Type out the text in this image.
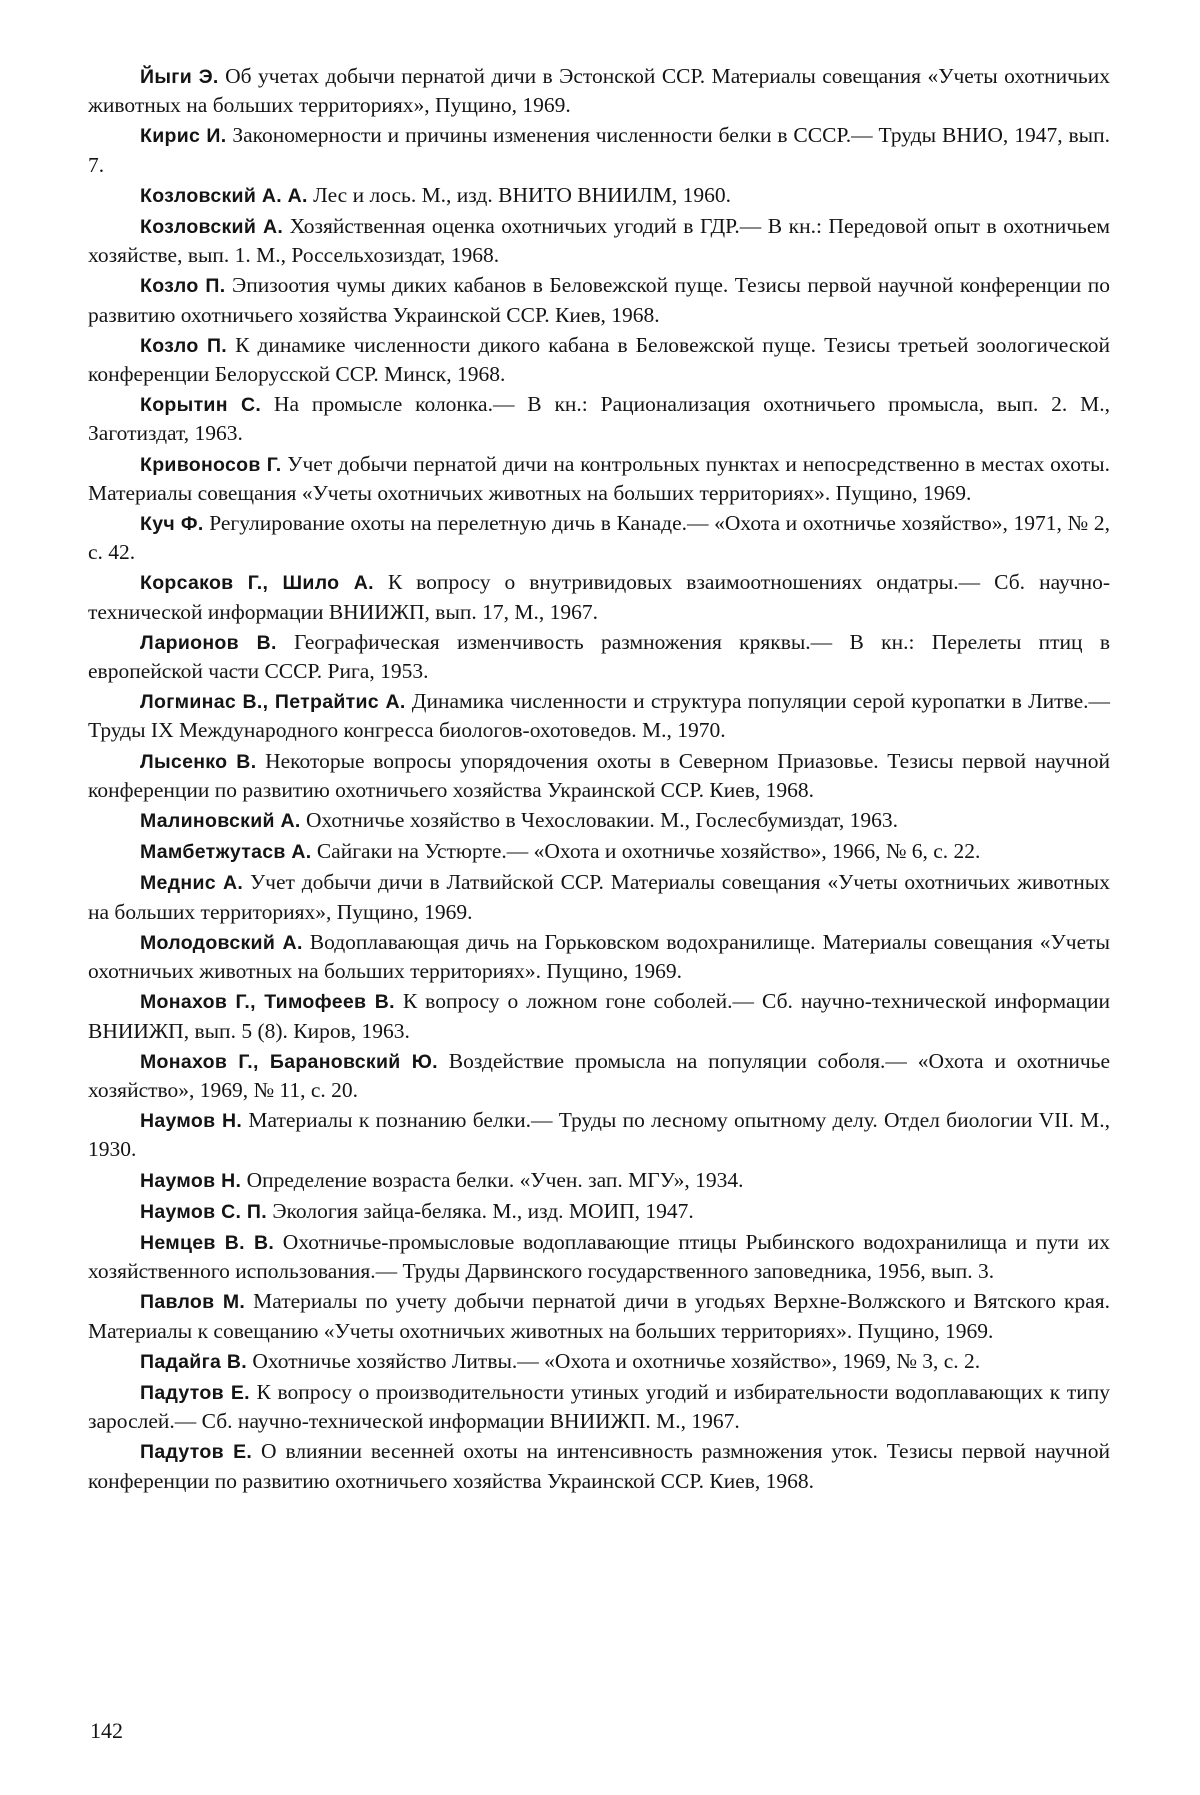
Йыги Э. Об учетах добычи пернатой дичи в Эстонской ССР. Материалы совещания «Учеты охотничьих животных на больших территориях», Пущино, 1969.

Кирис И. Закономерности и причины изменения численности белки в СССР.— Труды ВНИО, 1947, вып. 7.

Козловский А. А. Лес и лось. М., изд. ВНИТО ВНИИЛМ, 1960.

Козловский А. Хозяйственная оценка охотничьих угодий в ГДР.— В кн.: Передовой опыт в охотничьем хозяйстве, вып. 1. М., Россельхозиздат, 1968.

Козло П. Эпизоотия чумы диких кабанов в Беловежской пуще. Тезисы первой научной конференции по развитию охотничьего хозяйства Украинской ССР. Киев, 1968.

Козло П. К динамике численности дикого кабана в Беловежской пуще. Тезисы третьей зоологической конференции Белорусской ССР. Минск, 1968.

Корытин С. На промысле колонка.— В кн.: Рационализация охотничьего промысла, вып. 2. М., Заготиздат, 1963.

Кривоносов Г. Учет добычи пернатой дичи на контрольных пунктах и непосредственно в местах охоты. Материалы совещания «Учеты охотничьих животных на больших территориях». Пущино, 1969.

Куч Ф. Регулирование охоты на перелетную дичь в Канаде.— «Охота и охотничье хозяйство», 1971, № 2, с. 42.

Корсаков Г., Шило А. К вопросу о внутривидовых взаимоотношениях ондатры.— Сб. научно-технической информации ВНИИЖП, вып. 17, М., 1967.

Ларионов В. Географическая изменчивость размножения кряквы.— В кн.: Перелеты птиц в европейской части СССР. Рига, 1953.

Логминас В., Петрайтис А. Динамика численности и структура популяции серой куропатки в Литве.— Труды IX Международного конгресса биологов-охотоведов. М., 1970.

Лысенко В. Некоторые вопросы упорядочения охоты в Северном Приазовье. Тезисы первой научной конференции по развитию охотничьего хозяйства Украинской ССР. Киев, 1968.

Малиновский А. Охотничье хозяйство в Чехословакии. М., Гослесбумиздат, 1963.

Мамбетжутасв А. Сайгаки на Устюрте.— «Охота и охотничье хозяйство», 1966, № 6, с. 22.

Меднис А. Учет добычи дичи в Латвийской ССР. Материалы совещания «Учеты охотничьих животных на больших территориях», Пущино, 1969.

Молодовский А. Водоплавающая дичь на Горьковском водохранилище. Материалы совещания «Учеты охотничьих животных на больших территориях». Пущино, 1969.

Монахов Г., Тимофеев В. К вопросу о ложном гоне соболей.— Сб. научно-технической информации ВНИИЖП, вып. 5 (8). Киров, 1963.

Монахов Г., Барановский Ю. Воздействие промысла на популяции соболя.— «Охота и охотничье хозяйство», 1969, № 11, с. 20.

Наумов Н. Материалы к познанию белки.— Труды по лесному опытному делу. Отдел биологии VII. М., 1930.

Наумов Н. Определение возраста белки. «Учен. зап. МГУ», 1934.

Наумов С. П. Экология зайца-беляка. М., изд. МОИП, 1947.

Немцев В. В. Охотничье-промысловые водоплавающие птицы Рыбинского водохранилища и пути их хозяйственного использования.— Труды Дарвинского государственного заповедника, 1956, вып. 3.

Павлов М. Материалы по учету добычи пернатой дичи в угодьях Верхне-Волжского и Вятского края. Материалы к совещанию «Учеты охотничьих животных на больших территориях». Пущино, 1969.

Падайга В. Охотничье хозяйство Литвы.— «Охота и охотничье хозяйство», 1969, № 3, с. 2.

Падутов Е. К вопросу о производительности утиных угодий и избирательности водоплавающих к типу зарослей.— Сб. научно-технической информации ВНИИЖП. М., 1967.

Падутов Е. О влиянии весенней охоты на интенсивность размножения уток. Тезисы первой научной конференции по развитию охотничьего хозяйства Украинской ССР. Киев, 1968.

142
